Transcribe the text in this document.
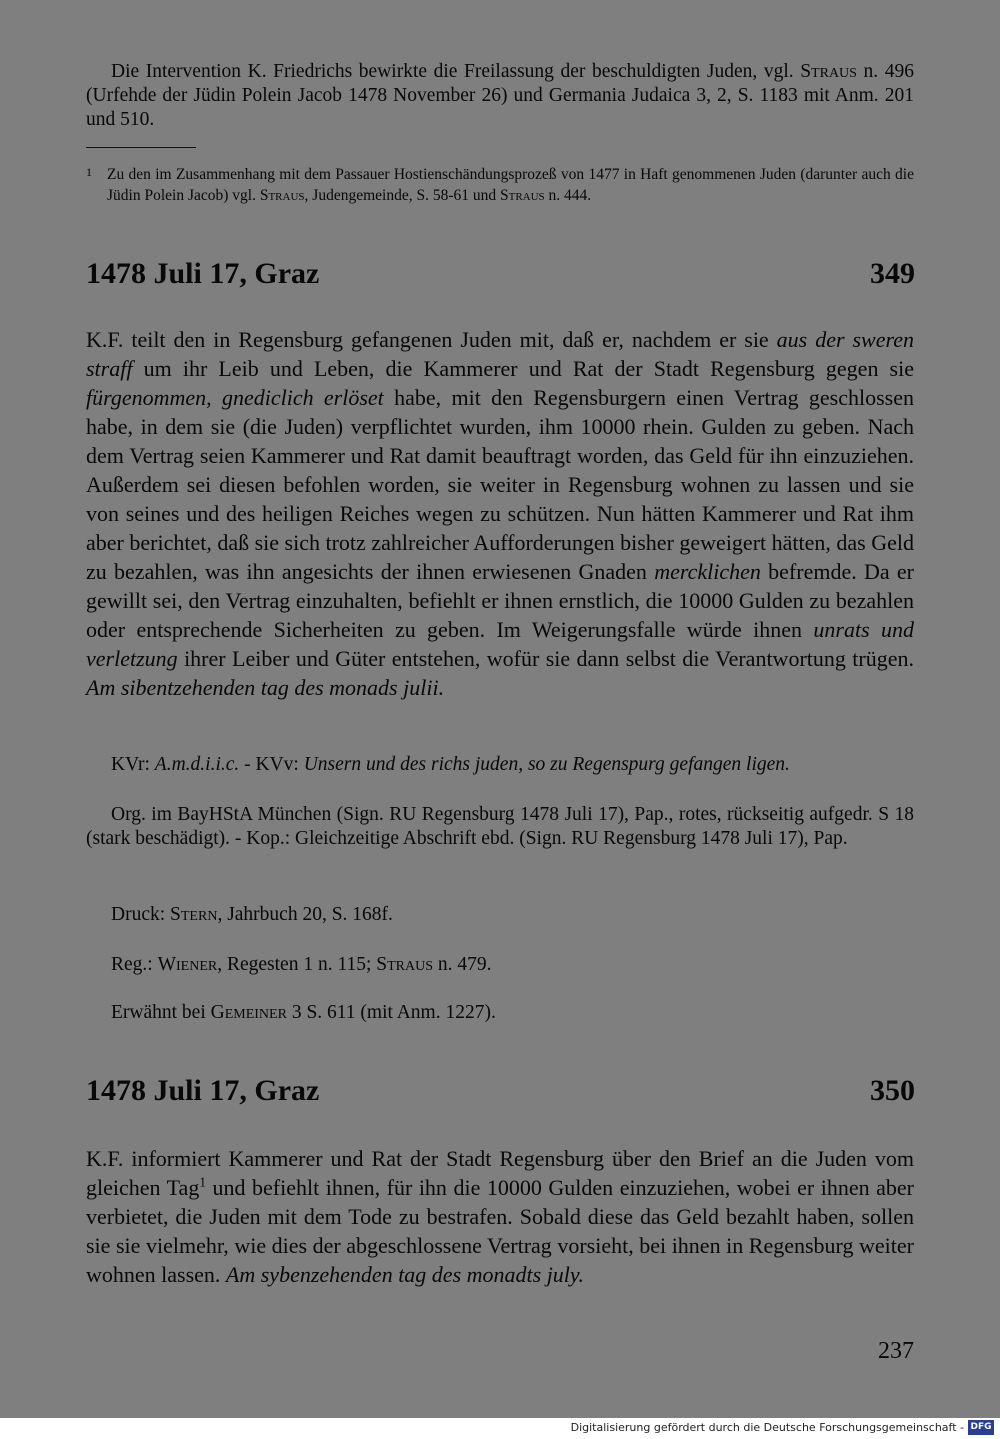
Die Intervention K. Friedrichs bewirkte die Freilassung der beschuldigten Juden, vgl. Straus n. 496 (Urfehde der Jüdin Polein Jacob 1478 November 26) und Germania Judaica 3, 2, S. 1183 mit Anm. 201 und 510.

1 Zu den im Zusammenhang mit dem Passauer Hostienschändungsprozeß von 1477 in Haft genommenen Juden (darunter auch die Jüdin Polein Jacob) vgl. Straus, Judengemeinde, S. 58-61 und Straus n. 444.

1478 Juli 17, Graz	349

K.F. teilt den in Regensburg gefangenen Juden mit, daß er, nachdem er sie aus der sweren straff um ihr Leib und Leben, die Kammerer und Rat der Stadt Regensburg gegen sie fürgenommen, gnediclich erlöset habe, mit den Regensburgern einen Vertrag geschlossen habe, in dem sie (die Juden) verpflichtet wurden, ihm 10000 rhein. Gulden zu geben. Nach dem Vertrag seien Kammerer und Rat damit beauftragt worden, das Geld für ihn einzuziehen. Außerdem sei diesen befohlen worden, sie weiter in Regensburg wohnen zu lassen und sie von seines und des heiligen Reiches wegen zu schützen. Nun hätten Kammerer und Rat ihm aber berichtet, daß sie sich trotz zahlreicher Aufforderungen bisher geweigert hätten, das Geld zu bezahlen, was ihn angesichts der ihnen erwiesenen Gnaden mercklichen befremde. Da er gewillt sei, den Vertrag einzuhalten, befiehlt er ihnen ernstlich, die 10000 Gulden zu bezahlen oder entsprechende Sicherheiten zu geben. Im Weigerungsfalle würde ihnen unrats und verletzung ihrer Leiber und Güter entstehen, wofür sie dann selbst die Verantwortung trügen. Am sibentzehenden tag des monads julii.

KVr: A.m.d.i.i.c. - KVv: Unsern und des richs juden, so zu Regenspurg gefangen ligen.

Org. im BayHStA München (Sign. RU Regensburg 1478 Juli 17), Pap., rotes, rückseitig aufgedr. S 18 (stark beschädigt). - Kop.: Gleichzeitige Abschrift ebd. (Sign. RU Regensburg 1478 Juli 17), Pap.

Druck: Stern, Jahrbuch 20, S. 168f.

Reg.: Wiener, Regesten 1 n. 115; Straus n. 479.

Erwähnt bei Gemeiner 3 S. 611 (mit Anm. 1227).

1478 Juli 17, Graz	350

K.F. informiert Kammerer und Rat der Stadt Regensburg über den Brief an die Juden vom gleichen Tag$^1$ und befiehlt ihnen, für ihn die 10000 Gulden einzuziehen, wobei er ihnen aber verbietet, die Juden mit dem Tode zu bestrafen. Sobald diese das Geld bezahlt haben, sollen sie sie vielmehr, wie dies der abgeschlossene Vertrag vorsieht, bei ihnen in Regensburg weiter wohnen lassen. Am sybenzehenden tag des monadts july.

237
Digitalisierung gefördert durch die Deutsche Forschungsgemeinschaft - DFG
